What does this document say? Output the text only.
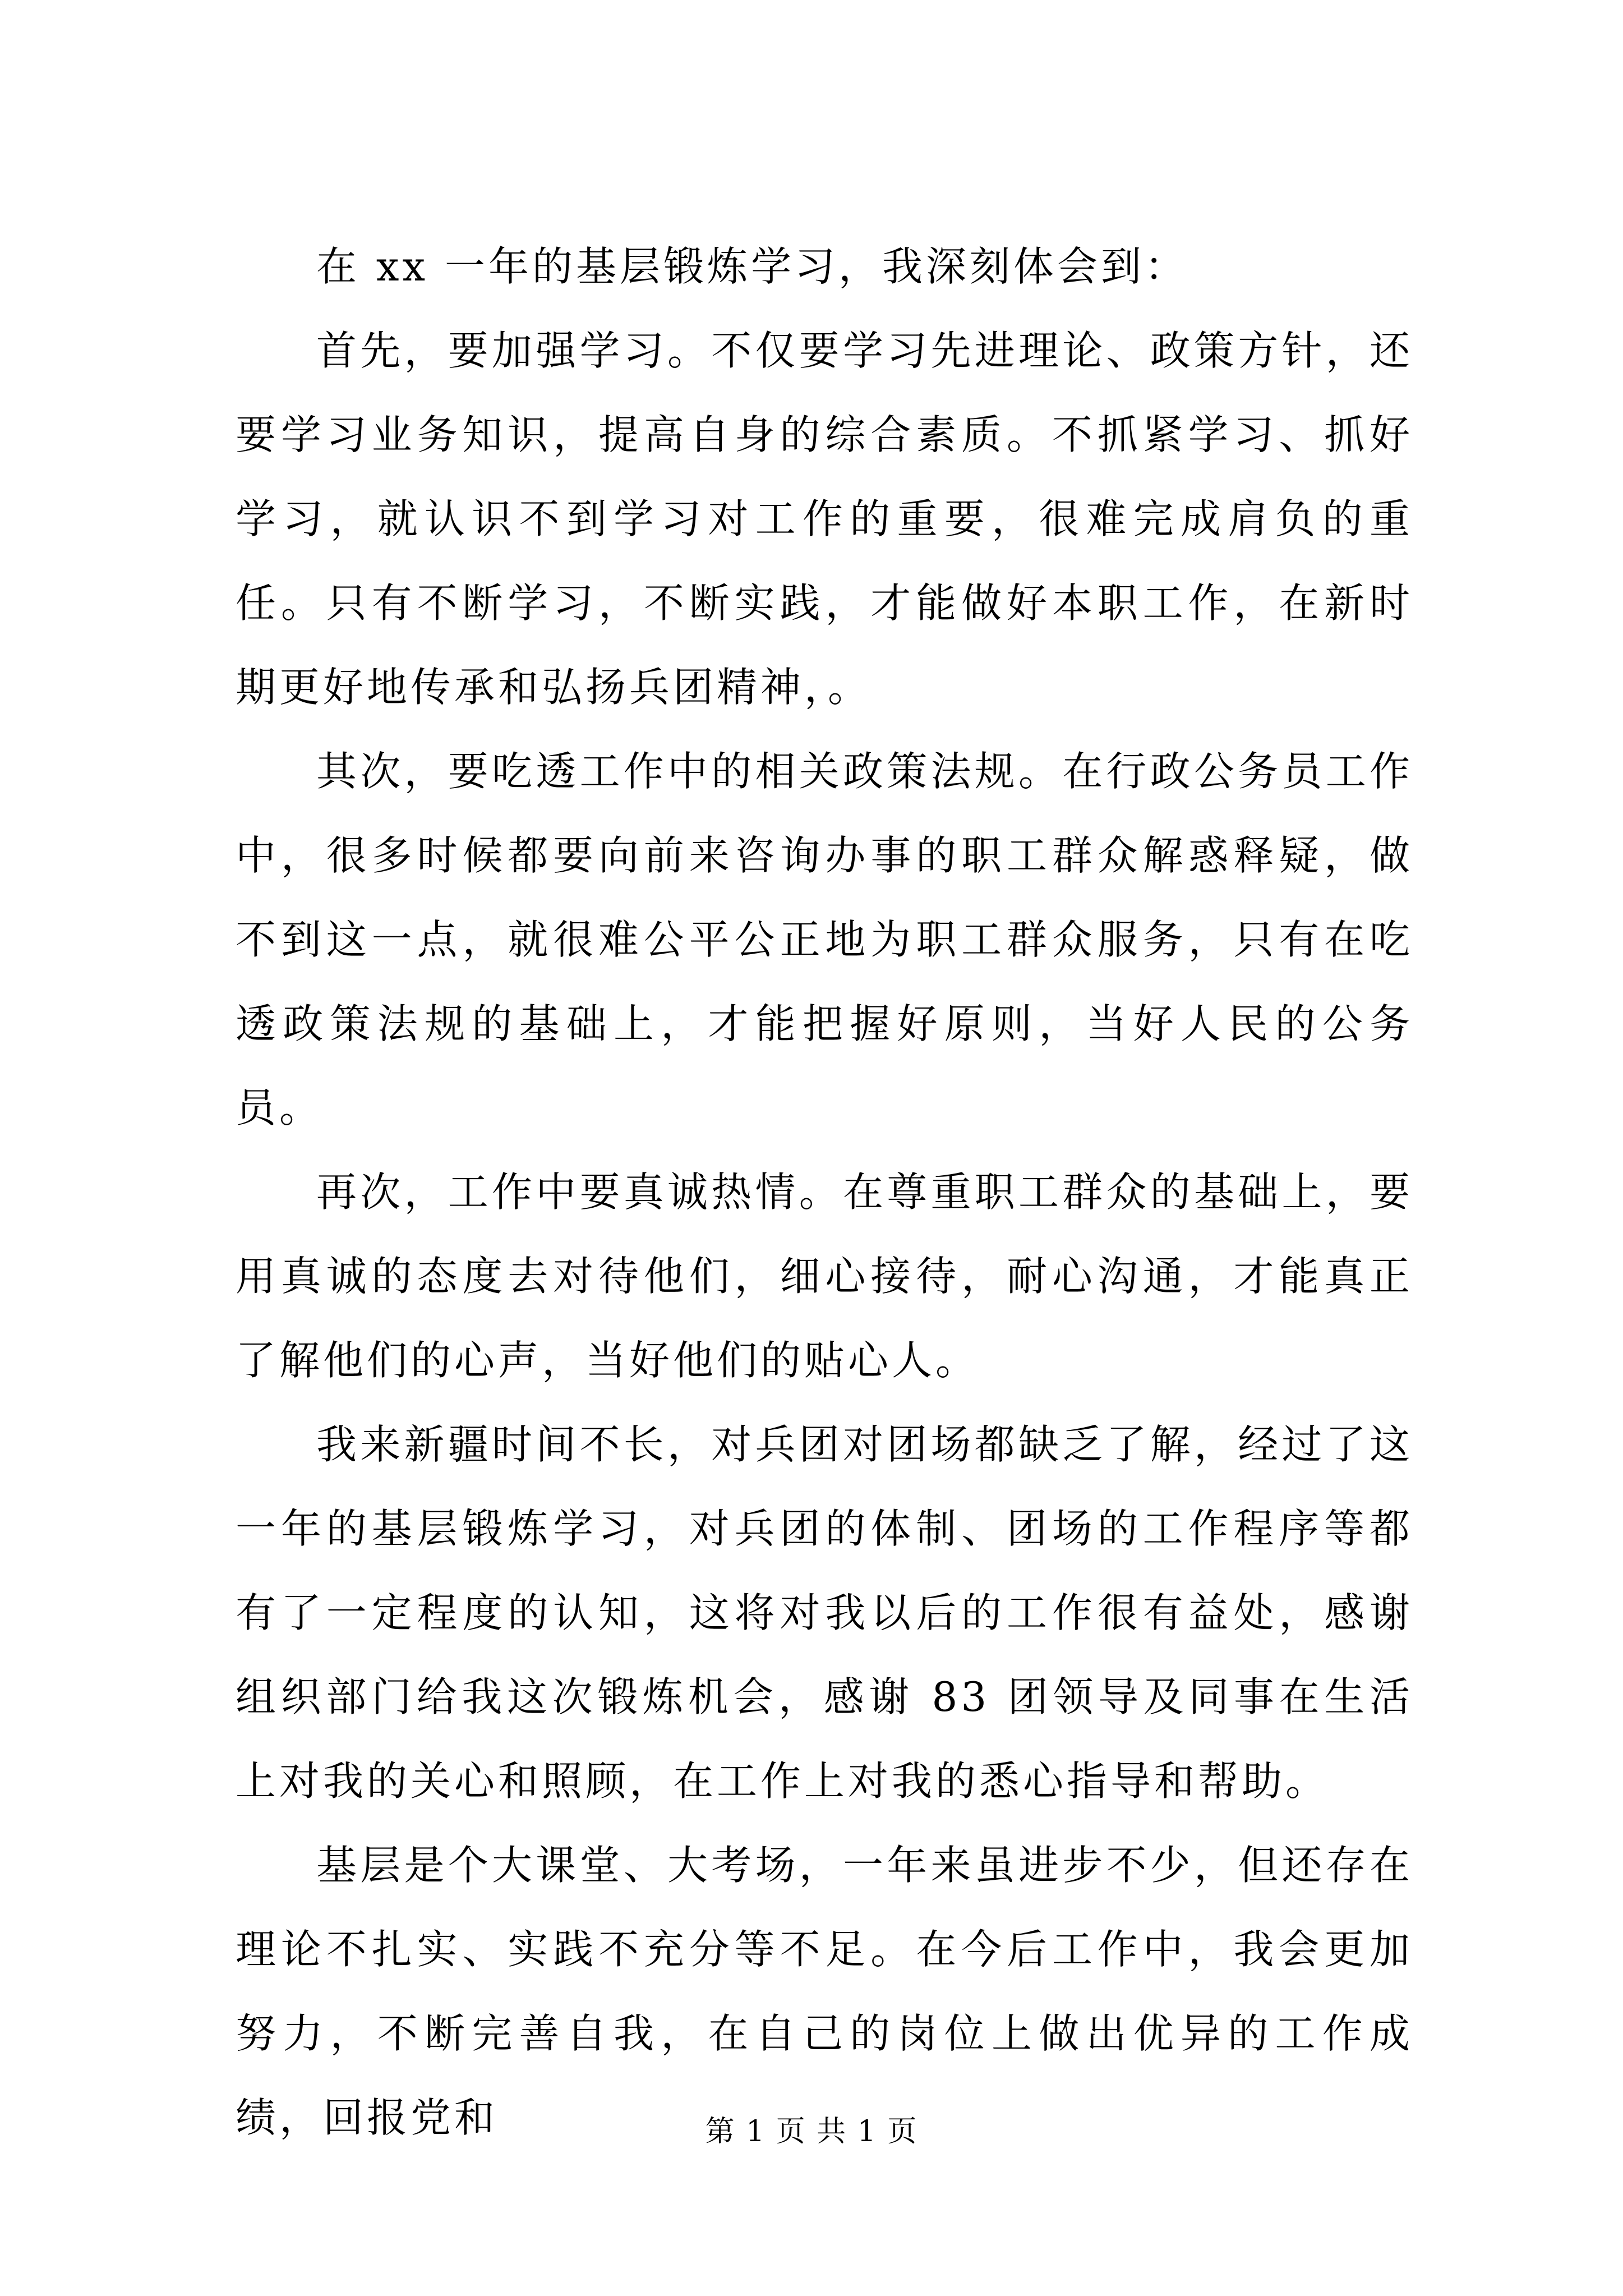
在 xx 一年的基层锻炼学习，我深刻体会到：

首先，要加强学习。不仅要学习先进理论、政策方针，还要学习业务知识，提高自身的综合素质。不抓紧学习、抓好学习，就认识不到学习对工作的重要，很难完成肩负的重任。只有不断学习，不断实践，才能做好本职工作，在新时期更好地传承和弘扬兵团精神，。

其次，要吃透工作中的相关政策法规。在行政公务员工作中，很多时候都要向前来咨询办事的职工群众解惑释疑，做不到这一点，就很难公平公正地为职工群众服务，只有在吃透政策法规的基础上，才能把握好原则，当好人民的公务员。

再次，工作中要真诚热情。在尊重职工群众的基础上，要用真诚的态度去对待他们，细心接待，耐心沟通，才能真正了解他们的心声，当好他们的贴心人。

我来新疆时间不长，对兵团对团场都缺乏了解，经过了这一年的基层锻炼学习，对兵团的体制、团场的工作程序等都有了一定程度的认知，这将对我以后的工作很有益处，感谢组织部门给我这次锻炼机会，感谢 83 团领导及同事在生活上对我的关心和照顾，在工作上对我的悉心指导和帮助。

基层是个大课堂、大考场，一年来虽进步不少，但还存在理论不扎实、实践不充分等不足。在今后工作中，我会更加努力，不断完善自我，在自己的岗位上做出优异的工作成绩，回报党和	第 1 页 共 1 页
